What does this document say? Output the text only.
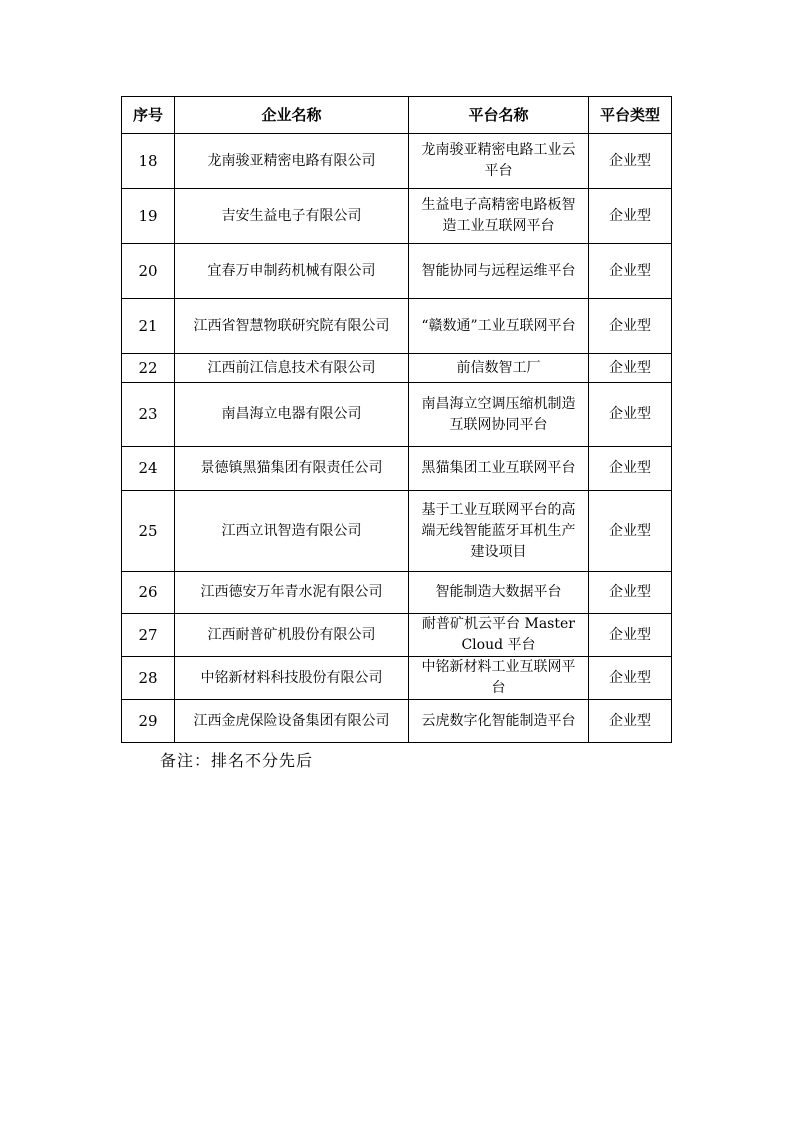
序号	企业名称	平台名称	平台类型
18	龙南骏亚精密电路有限公司	龙南骏亚精密电路工业云平台	企业型
19	吉安生益电子有限公司	生益电子高精密电路板智造工业互联网平台	企业型
20	宜春万申制药机械有限公司	智能协同与远程运维平台	企业型
21	江西省智慧物联研究院有限公司	“赣数通”工业互联网平台	企业型
22	江西前江信息技术有限公司	前信数智工厂	企业型
23	南昌海立电器有限公司	南昌海立空调压缩机制造互联网协同平台	企业型
24	景德镇黑猫集团有限责任公司	黑猫集团工业互联网平台	企业型
25	江西立讯智造有限公司	基于工业互联网平台的高端无线智能蓝牙耳机生产建设项目	企业型
26	江西德安万年青水泥有限公司	智能制造大数据平台	企业型
27	江西耐普矿机股份有限公司	耐普矿机云平台 Master Cloud 平台	企业型
28	中铭新材料科技股份有限公司	中铭新材料工业互联网平台	企业型
29	江西金虎保险设备集团有限公司	云虎数字化智能制造平台	企业型
备注：排名不分先后
